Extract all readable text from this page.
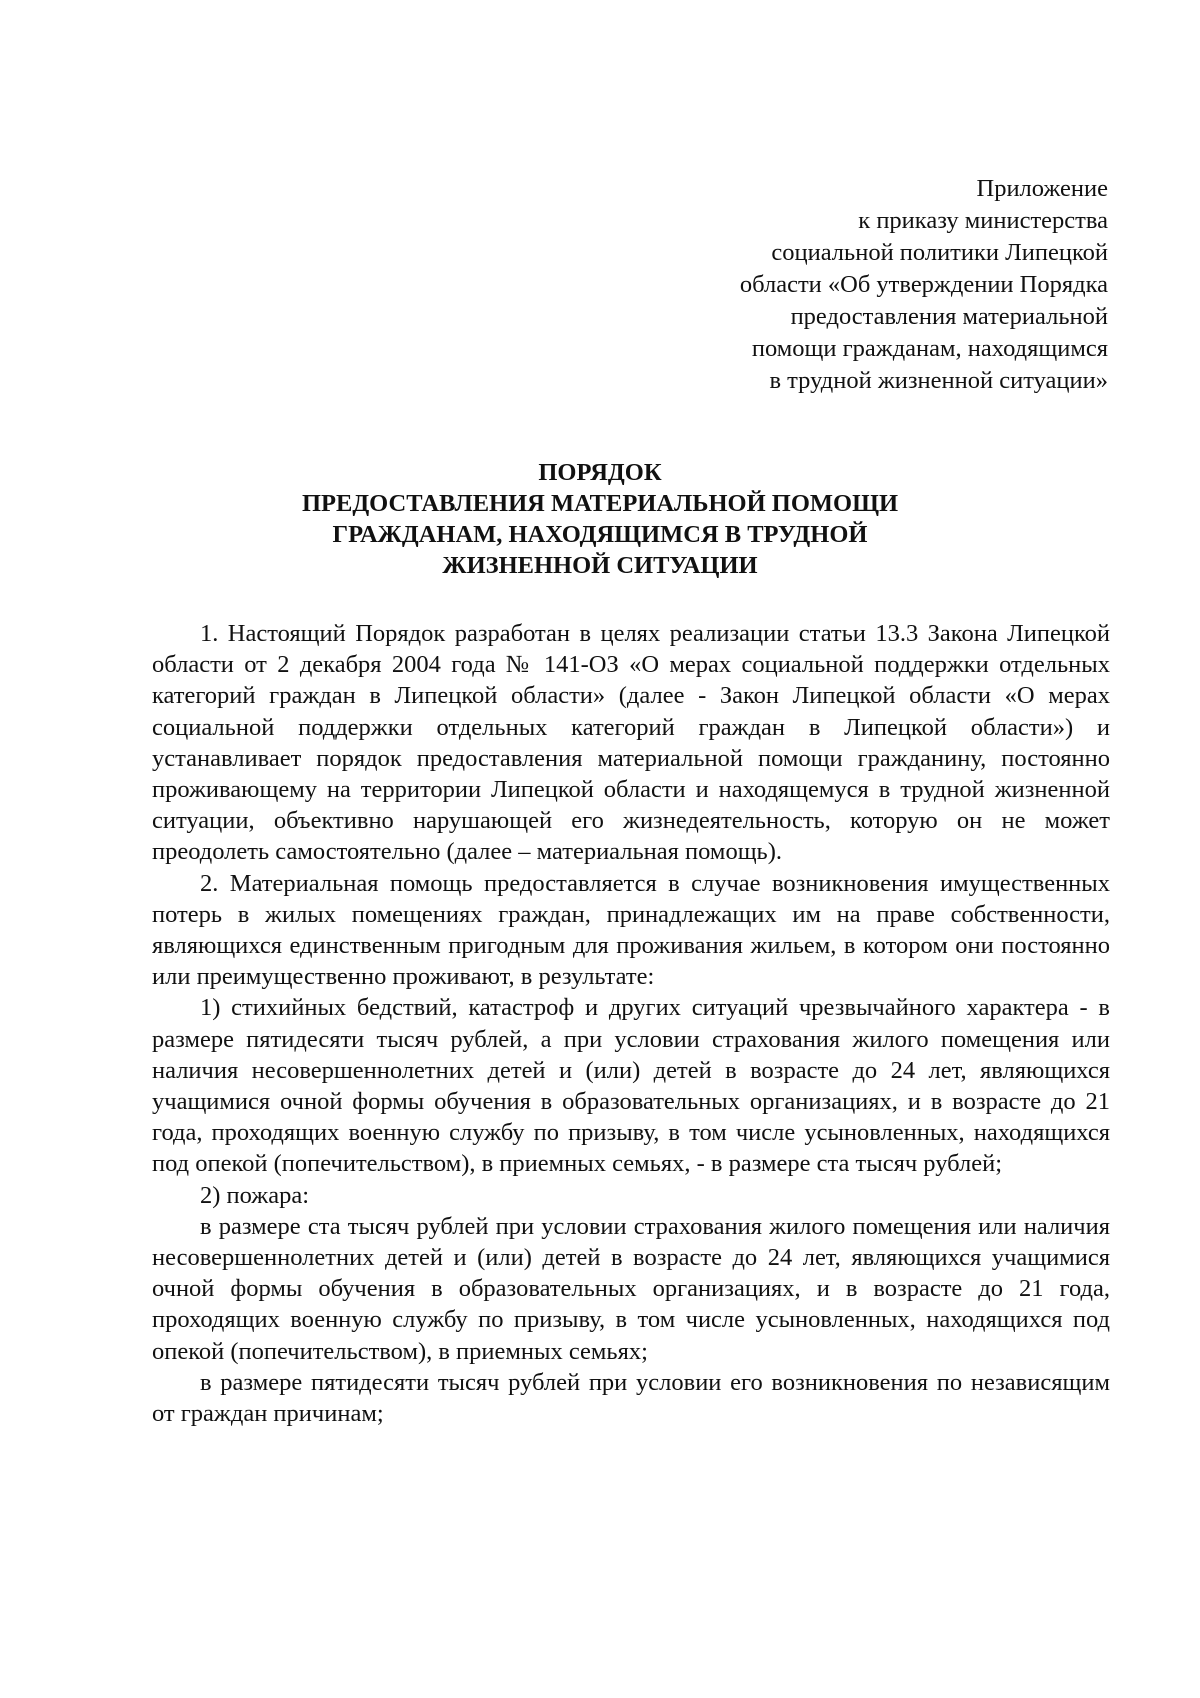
Приложение
к приказу министерства
социальной политики Липецкой
области «Об утверждении Порядка
предоставления материальной
помощи гражданам, находящимся
в трудной жизненной ситуации»
ПОРЯДОК
ПРЕДОСТАВЛЕНИЯ МАТЕРИАЛЬНОЙ ПОМОЩИ
ГРАЖДАНАМ, НАХОДЯЩИМСЯ В ТРУДНОЙ
ЖИЗНЕННОЙ СИТУАЦИИ

1. Настоящий Порядок разработан в целях реализации статьи 13.3 Закона Липецкой области от 2 декабря 2004 года № 141-ОЗ «О мерах социальной поддержки отдельных категорий граждан в Липецкой области» (далее - Закон Липецкой области «О мерах социальной поддержки отдельных категорий граждан в Липецкой области») и устанавливает порядок предоставления материальной помощи гражданину, постоянно проживающему на территории Липецкой области и находящемуся в трудной жизненной ситуации, объективно нарушающей его жизнедеятельность, которую он не может преодолеть самостоятельно (далее – материальная помощь).

2. Материальная помощь предоставляется в случае возникновения имущественных потерь в жилых помещениях граждан, принадлежащих им на праве собственности, являющихся единственным пригодным для проживания жильем, в котором они постоянно или преимущественно проживают, в результате:

1) стихийных бедствий, катастроф и других ситуаций чрезвычайного характера - в размере пятидесяти тысяч рублей, а при условии страхования жилого помещения или наличия несовершеннолетних детей и (или) детей в возрасте до 24 лет, являющихся учащимися очной формы обучения в образовательных организациях, и в возрасте до 21 года, проходящих военную службу по призыву, в том числе усыновленных, находящихся под опекой (попечительством), в приемных семьях, - в размере ста тысяч рублей;

2) пожара:

в размере ста тысяч рублей при условии страхования жилого помещения или наличия несовершеннолетних детей и (или) детей в возрасте до 24 лет, являющихся учащимися очной формы обучения в образовательных организациях, и в возрасте до 21 года, проходящих военную службу по призыву, в том числе усыновленных, находящихся под опекой (попечительством), в приемных семьях;

в размере пятидесяти тысяч рублей при условии его возникновения по независящим от граждан причинам;
